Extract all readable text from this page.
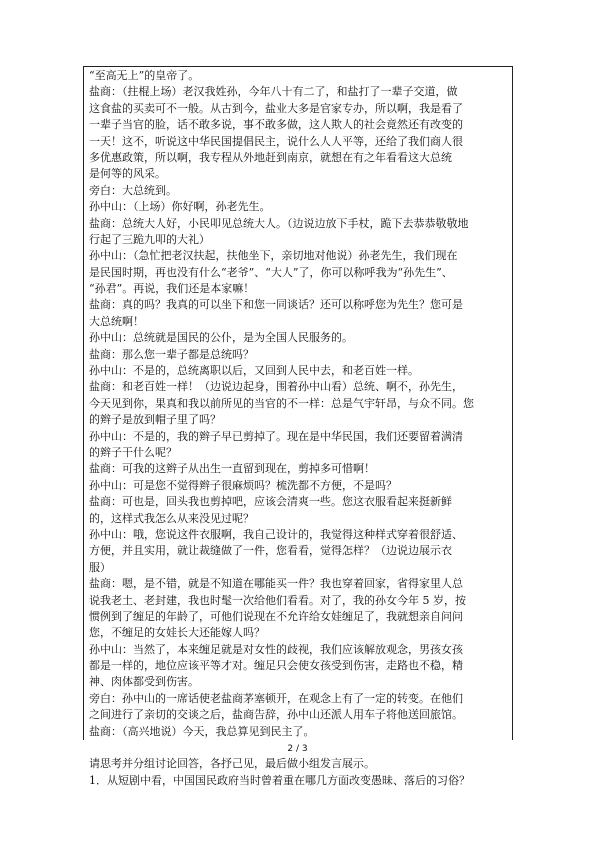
“至高无上”的皇帝了。
盐商：（拄棍上场）老汉我姓孙，今年八十有二了，和盐打了一辈子交道，做
这食盐的买卖可不一般。从古到今，盐业大多是官家专办，所以啊，我是看了
一辈子当官的脸，话不敢多说，事不敢多做，这人欺人的社会竟然还有改变的
一天！这不，听说这中华民国提倡民主，说什么人人平等，还给了我们商人很
多优惠政策，所以啊，我专程从外地赶到南京，就想在有之年看看这大总统
是何等的风采。
旁白：大总统到。
孙中山：（上场）你好啊，孙老先生。
盐商：总统大人好，小民叩见总统大人。（边说边放下手杖，跪下去恭恭敬敬地
行起了三跪九叩的大礼）
孙中山：（急忙把老汉扶起，扶他坐下，亲切地对他说）孙老先生，我们现在
是民国时期，再也没有什么“老爷”、“大人”了，你可以称呼我为“孙先生”、
“孙君”。再说，我们还是本家嘛！
盐商：真的吗？我真的可以坐下和您一同谈话？还可以称呼您为先生？您可是
大总统啊！
孙中山：总统就是国民的公仆，是为全国人民服务的。
盐商：那么您一辈子都是总统吗？
孙中山：不是的，总统离职以后，又回到人民中去，和老百姓一样。
盐商：和老百姓一样！（边说边起身，围着孙中山看）总统、啊不，孙先生，
今天见到你，果真和我以前所见的当官的不一样：总是气宇轩昂，与众不同。您
的辫子是放到帽子里了吗？
孙中山：不是的，我的辫子早已剪掉了。现在是中华民国，我们还要留着满清
的辫子干什么呢？
盐商：可我的这辫子从出生一直留到现在，剪掉多可惜啊！
孙中山：可是您不觉得辫子很麻烦吗？梳洗都不方便，不是吗？
盐商：可也是，回头我也剪掉吧，应该会清爽一些。您这衣服看起来挺新鲜
的，这样式我怎么从来没见过呢？
孙中山：哦，您说这件衣服啊，我自己设计的，我觉得这种样式穿着很舒适、
方便，并且实用，就让裁缝做了一件，您看看，觉得怎样？（边说边展示衣
服）
盐商：嗯，是不错，就是不知道在哪能买一件？我也穿着回家，省得家里人总
说我老土、老封建，我也时髦一次给他们看看。对了，我的孙女今年 5 岁，按
惯例到了缠足的年龄了，可他们说现在不允许给女娃缠足了，我就想亲自问问
您，不缠足的女娃长大还能嫁人吗？
孙中山：当然了，本来缠足就是对女性的歧视，我们应该解放观念，男孩女孩
都是一样的，地位应该平等才对。缠足只会使女孩受到伤害，走路也不稳，精
神、肉体都受到伤害。
旁白：孙中山的一席话使老盐商茅塞顿开，在观念上有了一定的转变。在他们
之间进行了亲切的交谈之后，盐商告辞，孙中山还派人用车子将他送回旅馆。
盐商：（高兴地说）今天，我总算见到民主了。
请思考并分组讨论回答，各抒己见，最后做小组发言展示。
1．从短剧中看，中国国民政府当时曾着重在哪几方面改变愚昧、落后的习俗？
2 / 3
